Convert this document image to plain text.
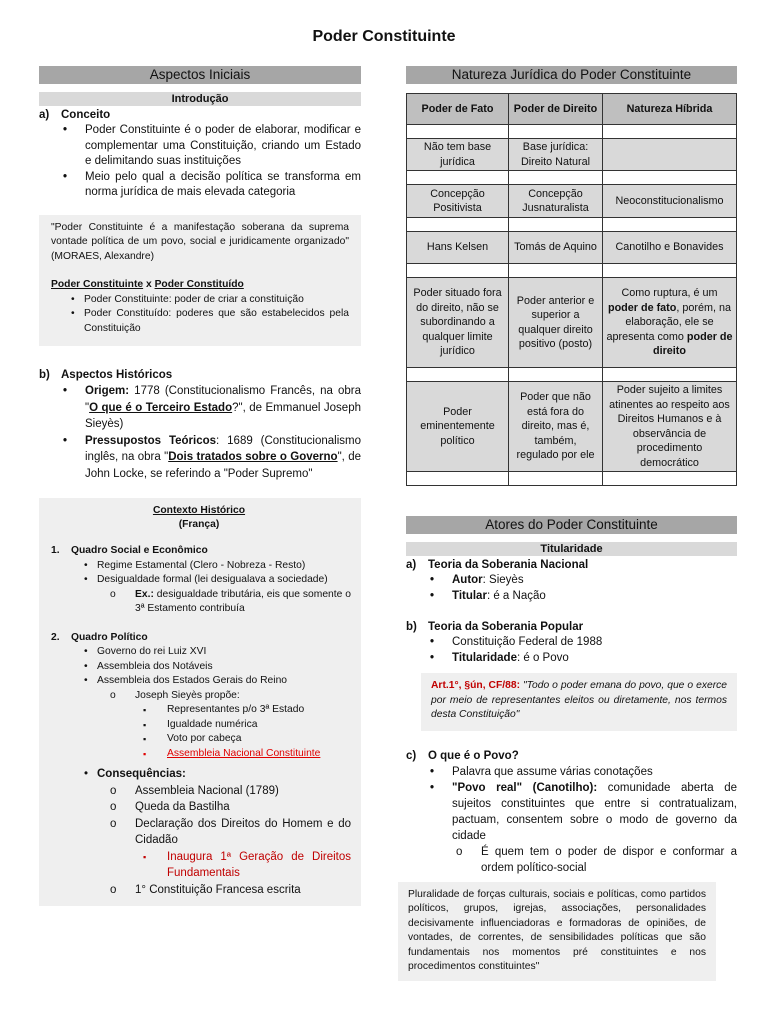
Poder Constituinte
Aspectos Iniciais
Introdução
a)	Conceito
• Poder Constituinte é o poder de elaborar, modificar e complementar uma Constituição, criando um Estado e delimitando suas instituições
• Meio pelo qual a decisão política se transforma em norma jurídica de mais elevada categoria
"Poder Constituinte é a manifestação soberana da suprema vontade política de um povo, social e juridicamente organizado" (MORAES, Alexandre)
Poder Constituinte x Poder Constituído
• Poder Constituinte: poder de criar a constituição
• Poder Constituído: poderes que são estabelecidos pela Constituição
b) Aspectos Históricos
• Origem: 1778 (Constitucionalismo Francês, na obra "O que é o Terceiro Estado?", de Emmanuel Joseph Sieyès)
• Pressupostos Teóricos: 1689 (Constitucionalismo inglês, na obra "Dois tratados sobre o Governo", de John Locke, se referindo a "Poder Supremo"
Contexto Histórico
(França)
1.	Quadro Social e Econômico
• Regime Estamental (Clero - Nobreza - Resto)
• Desigualdade formal (lei desigualava a sociedade)
o Ex.: desigualdade tributária, eis que somente o 3ª Estamento contribuía
2.	Quadro Político
• Governo do rei Luiz XVI
• Assembleia dos Notáveis
• Assembleia dos Estados Gerais do Reino
o Joseph Sieyès propõe:
▪ Representantes p/o 3ª Estado
▪ Igualdade numérica
▪ Voto por cabeça
▪ Assembleia Nacional Constituinte
• Consequências:
o Assembleia Nacional (1789)
o Queda da Bastilha
o Declaração dos Direitos do Homem e do Cidadão
▪ Inaugura 1ª Geração de Direitos Fundamentais
o 1° Constituição Francesa escrita
Natureza Jurídica do Poder Constituinte
Poder de Fato	Poder de Direito	Natureza Híbrida

Não tem base jurídica	Base jurídica: Direito Natural	

Concepção Positivista	Concepção Jusnaturalista	Neoconstitucionalismo

Hans Kelsen	Tomás de Aquino	Canotilho e Bonavides

Poder situado fora do direito, não se subordinando a qualquer limite jurídico	Poder anterior e superior a qualquer direito positivo (posto)	Como ruptura, é um poder de fato, porém, na elaboração, ele se apresenta como poder de direito

Poder eminentemente político	Poder que não está fora do direito, mas é, também, regulado por ele	Poder sujeito a limites atinentes ao respeito aos Direitos Humanos e à observância de procedimento democrático

Atores do Poder Constituinte
Titularidade
a)	Teoria da Soberania Nacional
• Autor: Sieyès
• Titular: é a Nação
b) Teoria da Soberania Popular
• Constituição Federal de 1988
• Titularidade: é o Povo
Art.1°, §ún, CF/88: "Todo o poder emana do povo, que o exerce por meio de representantes eleitos ou diretamente, nos termos desta Constituição"
c)	O que é o Povo?
• Palavra que assume várias conotações
• "Povo real" (Canotilho): comunidade aberta de sujeitos constituintes que entre si contratualizam, pactuam, consentem sobre o modo de governo da cidade
o É quem tem o poder de dispor e conformar a ordem político-social
Pluralidade de forças culturais, sociais e políticas, como partidos políticos, grupos, igrejas, associações, personalidades decisivamente influenciadoras e formadoras de opiniões, de vontades, de correntes, de sensibilidades políticas que são fundamentais nos momentos pré constituintes e nos procedimentos constituintes"
